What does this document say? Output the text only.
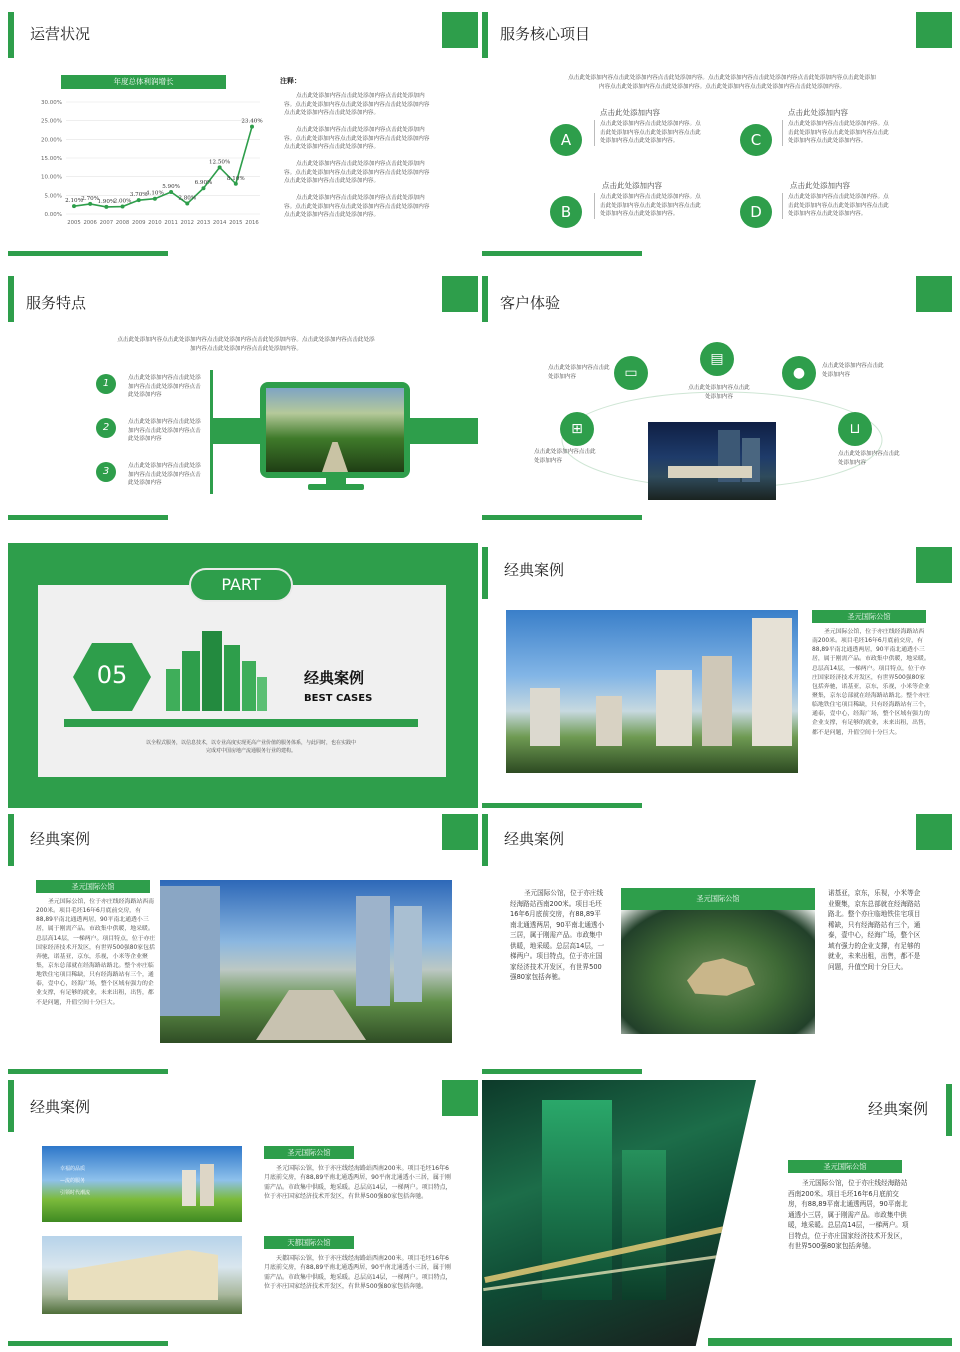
运营状况
年度总体利润增长
0.00%
5.00%
10.00%
15.00%
20.00%
25.00%
30.00%
2.10%
2005
2.70%
2006
1.90%
2007
2.00%
2008
3.70%
2009
4.10%
2010
5.90%
2011
2.80%
2012
6.90%
2013
12.50%
2014
8.10%
2015
23.40%
2016
注释：
点击此处添加内容点击此处添加内容点击此处添加内容。点击此处添加内容点击此处添加内容点击此处添加内容点击此处添加内容点击此处添加内容。
点击此处添加内容点击此处添加内容点击此处添加内容。点击此处添加内容点击此处添加内容点击此处添加内容点击此处添加内容点击此处添加内容。
点击此处添加内容点击此处添加内容点击此处添加内容。点击此处添加内容点击此处添加内容点击此处添加内容点击此处添加内容点击此处添加内容。
点击此处添加内容点击此处添加内容点击此处添加内容。点击此处添加内容点击此处添加内容点击此处添加内容点击此处添加内容点击此处添加内容。
服务核心项目
点击此处添加内容点击此处添加内容点击此处添加内容。点击此处添加内容点击此处添加内容点击此处添加内容点击此处添加内容点击此处添加内容点击此处添加内容。点击此处添加内容点击此处添加内容点击此处添加内容。
A
点击此处添加内容
点击此处添加内容点击此处添加内容。点击此处添加内容点击此处添加内容点击此处添加内容点击此处添加内容。	C
点击此处添加内容
点击此处添加内容点击此处添加内容。点击此处添加内容点击此处添加内容点击此处添加内容点击此处添加内容。
B
点击此处添加内容
点击此处添加内容点击此处添加内容。点击此处添加内容点击此处添加内容点击此处添加内容点击此处添加内容。	D
点击此处添加内容
点击此处添加内容点击此处添加内容。点击此处添加内容点击此处添加内容点击此处添加内容点击此处添加内容。
服务特点
点击此处添加内容点击此处添加内容点击此处添加内容点击此处添加内容。点击此处添加内容点击此处添加内容点击此处添加内容点击此处添加内容。
1	点击此处添加内容点击此处添加内容点击此处添加内容点击此处添加内容
2	点击此处添加内容点击此处添加内容点击此处添加内容点击此处添加内容
3	点击此处添加内容点击此处添加内容点击此处添加内容点击此处添加内容
客户体验
▭
▤
●
⊞	⊔
点击此处添加内容点击此处添加内容
点击此处添加内容点击此处添加内容
点击此处添加内容点击此处添加内容
点击此处添加内容点击此处添加内容
点击此处添加内容点击此处添加内容
PART
05	经典案例
BEST CASES
以全程式服务，以信息技术，以专业高度实现更高产业价值的服务体系，与此同时，也在实践中完成对中国房地产流通服务行业的建构。
经典案例
圣元国际公馆
圣元国际公馆，位于亦庄线经海路站西南200米。项目毛坯16年6月底前交房，有88,89平南北通透两居，90平南北通透小三居，属于刚需产品。市政集中供暖，地采暖。总层高14层，一梯两户。项目特点，位于亦庄国家经济技术开发区，有世界500强80家包括奔驰，诺基亚，京东，乐视，小米等企业聚集，京东总部就在经海路站路北。整个亦庄临地铁住宅项目稀缺，只有经海路站有三个，通泰，壹中心，经海广场，整个区域有强力的企业支撑，有足够的就业，未来出租，出售，都不是问题，升值空间十分巨大。
经典案例
圣元国际公馆
圣元国际公馆，位于亦庄线经海路站西南200米。项目毛坯16年6月底前交房，有88,89平南北通透两居，90平南北通透小三居，属于刚需产品。市政集中供暖，地采暖。总层高14层，一梯两户。项目特点，位于亦庄国家经济技术开发区，有世界500强80家包括奔驰，诺基亚，京东，乐视，小米等企业聚集，京东总部就在经海路站路北。整个亦庄临地铁住宅项目稀缺，只有经海路站有三个，通泰，壹中心，经海广场，整个区域有强力的企业支撑，有足够的就业，未来出租，出售，都不是问题，升值空间十分巨大。
经典案例
圣元国际公馆，位于亦庄线经海路站西南200米。项目毛坯16年6月底前交房，有88,89平南北通透两居，90平南北通透小三居，属于刚需产品。市政集中供暖，地采暖。总层高14层，一梯两户。项目特点，位于亦庄国家经济技术开发区，有世界500强80家包括奔驰。
圣元国际公馆
诺基亚，京东，乐视，小米等企业聚集，京东总部就在经海路站路北。整个亦庄临地铁住宅项目稀缺，只有经海路站有三个，通泰，壹中心，经海广场，整个区域有强力的企业支撑，有足够的就业，未来出租，出售，都不是问题，升值空间十分巨大。
经典案例
幸福的品质
—流的服务
引领时代潮流
圣元国际公馆
圣元国际公馆，位于亦庄线经海路站西南200米。项目毛坯16年6月底前交房，有88,89平南北通透两居，90平南北通透小三居，属于刚需产品。市政集中供暖，地采暖。总层高14层，一梯两户。项目特点，位于亦庄国家经济技术开发区，有世界500强80家包括奔驰。
天都国际公馆
天都国际公馆，位于亦庄线经海路站西南200米。项目毛坯16年6月底前交房，有88,89平南北通透两居，90平南北通透小三居，属于刚需产品。市政集中供暖，地采暖。总层高14层，一梯两户。项目特点，位于亦庄国家经济技术开发区，有世界500强80家包括奔驰。
经典案例
圣元国际公馆
圣元国际公馆，位于亦庄线经海路站西南200米。项目毛坯16年6月底前交房，有88,89平南北通透两居，90平南北通透小三居，属于刚需产品。市政集中供暖，地采暖。总层高14层，一梯两户。项目特点，位于亦庄国家经济技术开发区，有世界500强80家包括奔驰。
